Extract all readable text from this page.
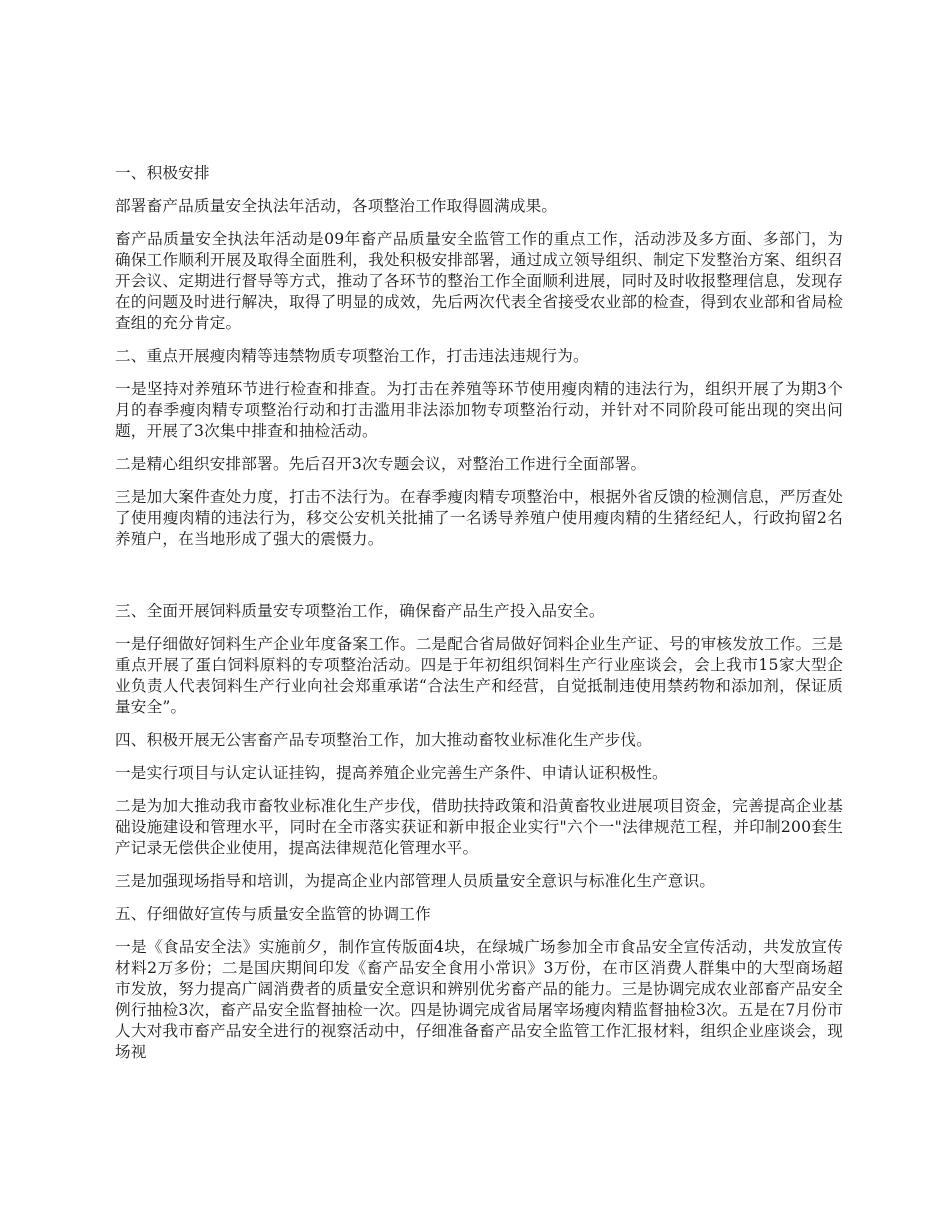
一、积极安排

部署畜产品质量安全执法年活动，各项整治工作取得圆满成果。

畜产品质量安全执法年活动是09年畜产品质量安全监管工作的重点工作，活动涉及多方面、多部门，为确保工作顺利开展及取得全面胜利，我处积极安排部署，通过成立领导组织、制定下发整治方案、组织召开会议、定期进行督导等方式，推动了各环节的整治工作全面顺利进展，同时及时收报整理信息，发现存在的问题及时进行解决，取得了明显的成效，先后两次代表全省接受农业部的检查，得到农业部和省局检查组的充分肯定。

二、重点开展瘦肉精等违禁物质专项整治工作，打击违法违规行为。

一是坚持对养殖环节进行检查和排查。为打击在养殖等环节使用瘦肉精的违法行为，组织开展了为期3个月的春季瘦肉精专项整治行动和打击滥用非法添加物专项整治行动，并针对不同阶段可能出现的突出问题，开展了3次集中排查和抽检活动。

二是精心组织安排部署。先后召开3次专题会议，对整治工作进行全面部署。

三是加大案件查处力度，打击不法行为。在春季瘦肉精专项整治中，根据外省反馈的检测信息，严厉查处了使用瘦肉精的违法行为，移交公安机关批捕了一名诱导养殖户使用瘦肉精的生猪经纪人，行政拘留2名养殖户，在当地形成了强大的震慑力。

三、全面开展饲料质量安专项整治工作，确保畜产品生产投入品安全。

一是仔细做好饲料生产企业年度备案工作。二是配合省局做好饲料企业生产证、号的审核发放工作。三是重点开展了蛋白饲料原料的专项整治活动。四是于年初组织饲料生产行业座谈会，会上我市15家大型企业负责人代表饲料生产行业向社会郑重承诺“合法生产和经营，自觉抵制违使用禁药物和添加剂，保证质量安全”。

四、积极开展无公害畜产品专项整治工作，加大推动畜牧业标准化生产步伐。

一是实行项目与认定认证挂钩，提高养殖企业完善生产条件、申请认证积极性。

二是为加大推动我市畜牧业标准化生产步伐，借助扶持政策和沿黄畜牧业进展项目资金，完善提高企业基础设施建设和管理水平，同时在全市落实获证和新申报企业实行"六个一"法律规范工程，并印制200套生产记录无偿供企业使用，提高法律规范化管理水平。

三是加强现场指导和培训，为提高企业内部管理人员质量安全意识与标准化生产意识。

五、仔细做好宣传与质量安全监管的协调工作

一是《食品安全法》实施前夕，制作宣传版面4块，在绿城广场参加全市食品安全宣传活动，共发放宣传材料2万多份；二是国庆期间印发《畜产品安全食用小常识》3万份，在市区消费人群集中的大型商场超市发放，努力提高广阔消费者的质量安全意识和辨别优劣畜产品的能力。三是协调完成农业部畜产品安全例行抽检3次，畜产品安全监督抽检一次。四是协调完成省局屠宰场瘦肉精监督抽检3次。五是在7月份市人大对我市畜产品安全进行的视察活动中，仔细准备畜产品安全监管工作汇报材料，组织企业座谈会，现场视
